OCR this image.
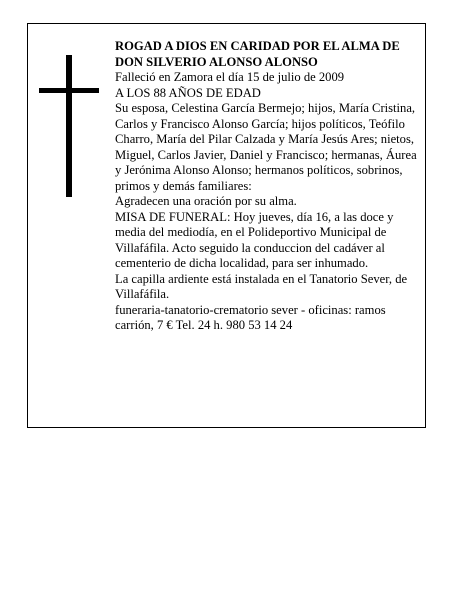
ROGAD A DIOS EN CARIDAD POR EL ALMA DE DON SILVERIO ALONSO ALONSO

Falleció en Zamora el día 15 de julio de 2009

A LOS 88 AÑOS DE EDAD

Su esposa, Celestina García Bermejo; hijos, María Cristina, Carlos y Francisco Alonso García; hijos políticos, Teófilo Charro, María del Pilar Calzada y María Jesús Ares; nietos, Miguel, Carlos Javier, Daniel y Francisco; hermanas, Áurea y Jerónima Alonso Alonso; hermanos políticos, sobrinos, primos y demás familiares:

Agradecen una oración por su alma.

MISA DE FUNERAL: Hoy jueves, día 16, a las doce y media del mediodía, en el Polideportivo Municipal de Villafáfila. Acto seguido la conduccion del cadáver al cementerio de dicha localidad, para ser inhumado.

La capilla ardiente está instalada en el Tanatorio Sever, de Villafáfila.

funeraria-tanatorio-crematorio sever - oficinas: ramos carrión, 7 € Tel. 24 h. 980 53 14 24
